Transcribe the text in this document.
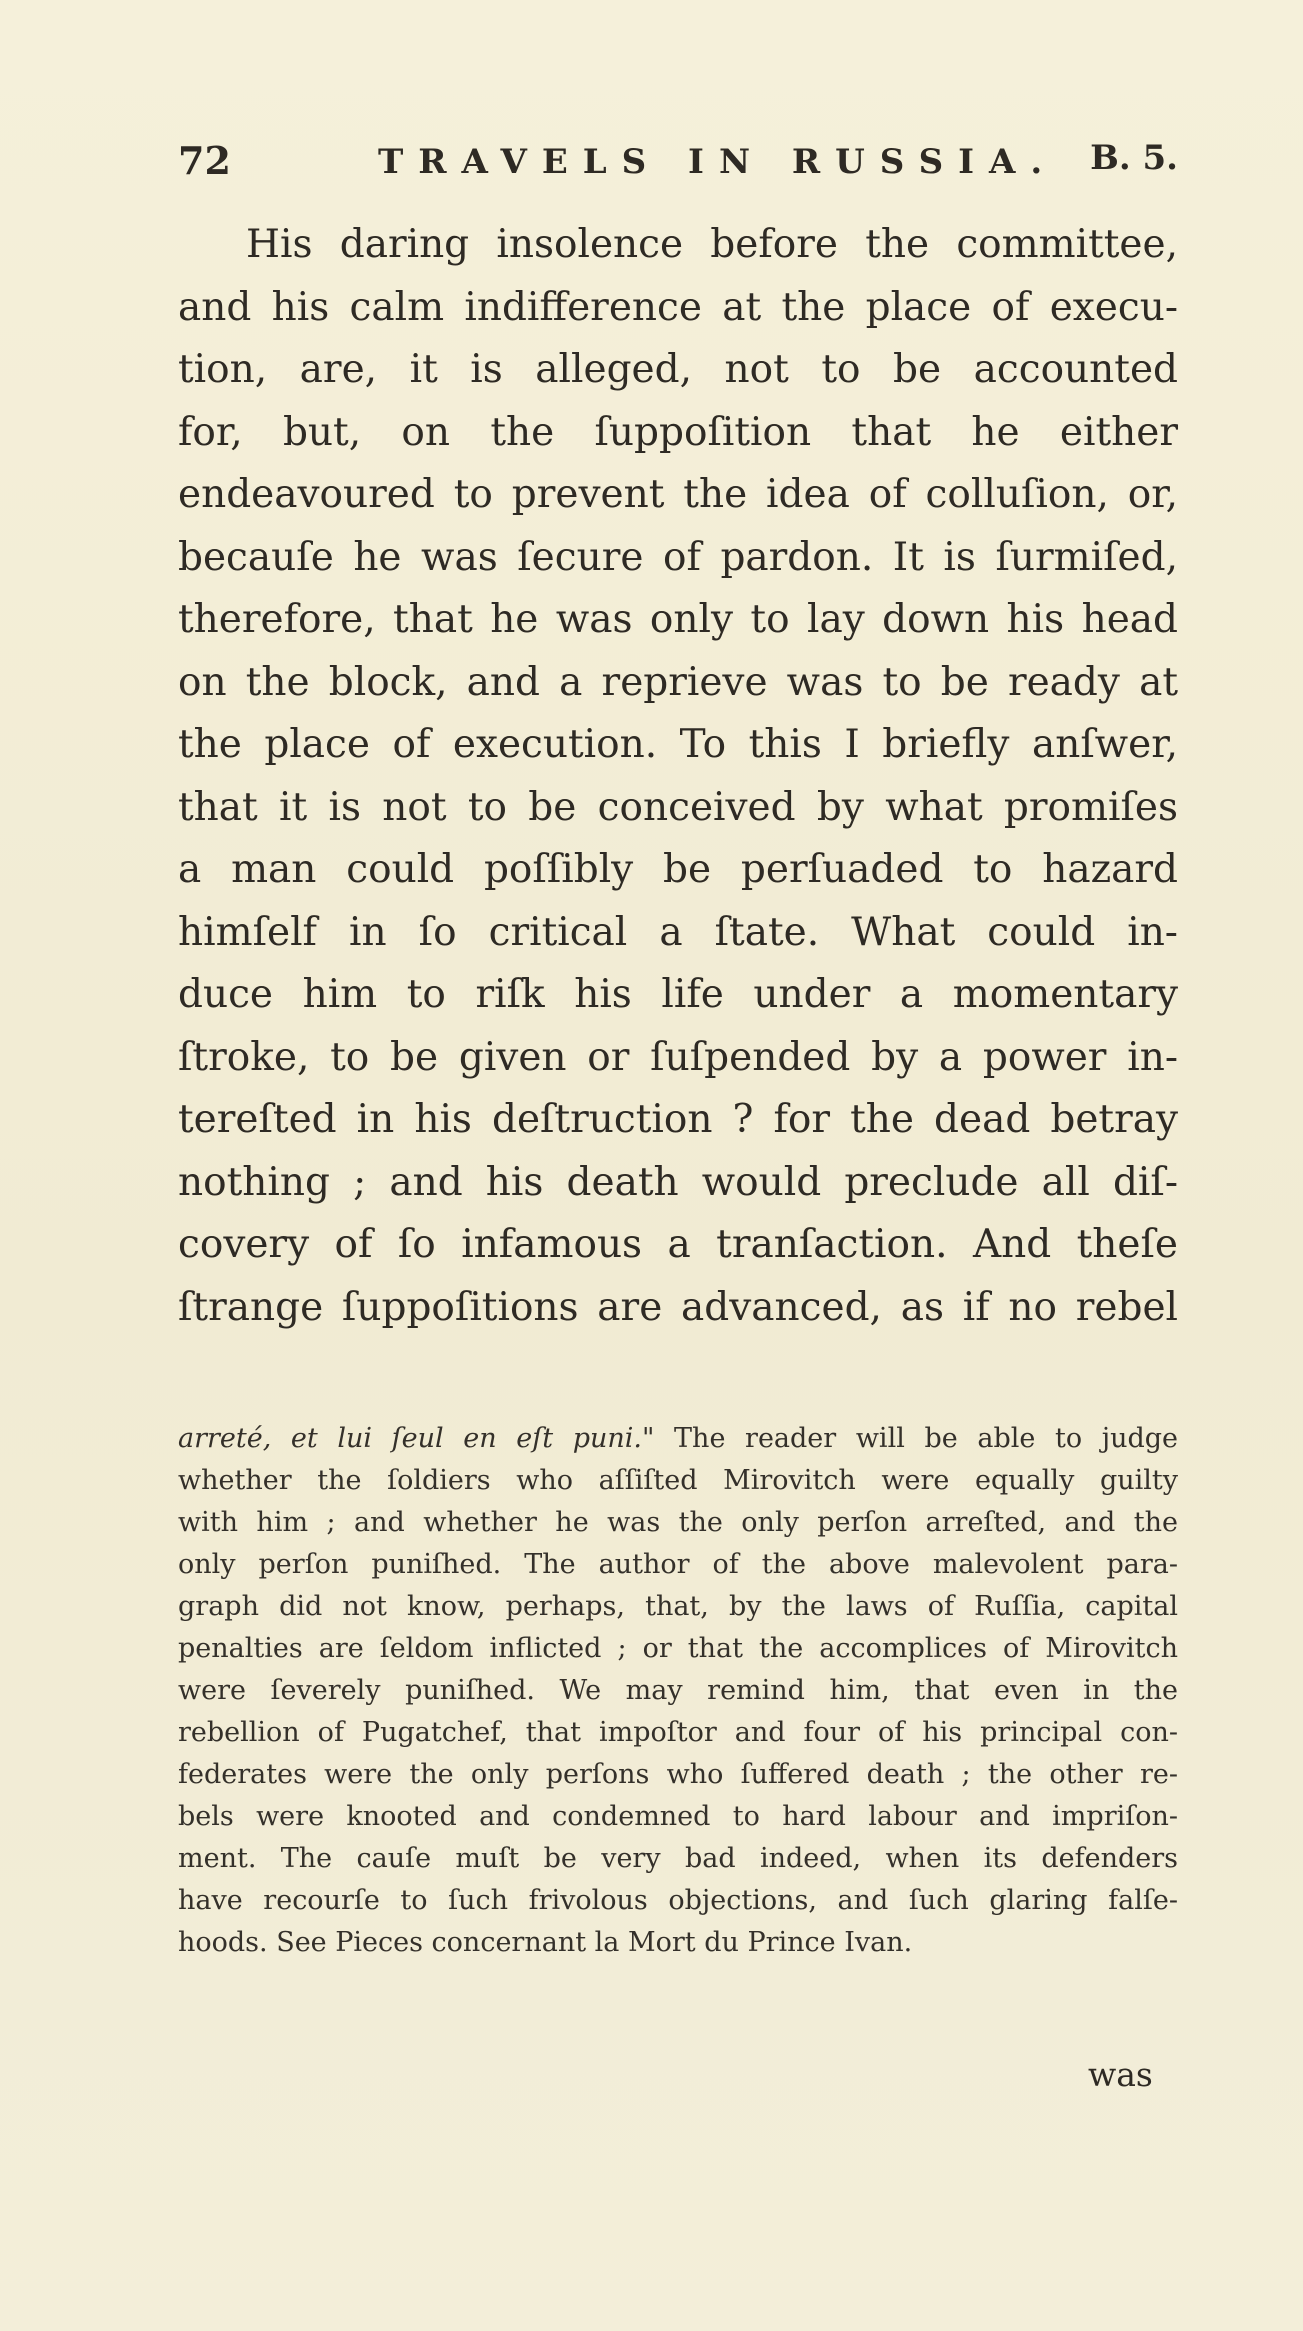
72	TRAVELS IN RUSSIA. B. 5.
His daring insolence before the committee,
and his calm indifference at the place of execu-
tion, are, it is alleged, not to be accounted
for, but, on the ſuppoſition that he either
endeavoured to prevent the idea of colluſion, or,
becauſe he was ſecure of pardon. It is ſurmiſed,
therefore, that he was only to lay down his head
on the block, and a reprieve was to be ready at
the place of execution. To this I briefly anſwer,
that it is not to be conceived by what promiſes
a man could poſſibly be perſuaded to hazard
himſelf in ſo critical a ſtate. What could in-
duce him to riſk his life under a momentary
ſtroke, to be given or ſuſpended by a power in-
tereſted in his deſtruction ? for the dead betray
nothing ; and his death would preclude all diſ-
covery of ſo infamous a tranſaction. And theſe
ſtrange ſuppoſitions are advanced, as if no rebel
arreté, et lui ſeul en eſt puni." The reader will be able to judge
whether the ſoldiers who aſſiſted Mirovitch were equally guilty
with him ; and whether he was the only perſon arreſted, and the
only perſon puniſhed. The author of the above malevolent para-
graph did not know, perhaps, that, by the laws of Ruſſia, capital
penalties are ſeldom inflicted ; or that the accomplices of Mirovitch
were ſeverely puniſhed. We may remind him, that even in the
rebellion of Pugatchef, that impoſtor and four of his principal con-
federates were the only perſons who ſuffered death ; the other re-
bels were knooted and condemned to hard labour and impriſon-
ment. The cauſe muſt be very bad indeed, when its defenders
have recourſe to ſuch frivolous objections, and ſuch glaring falſe-
hoods. See Pieces concernant la Mort du Prince Ivan.
was
